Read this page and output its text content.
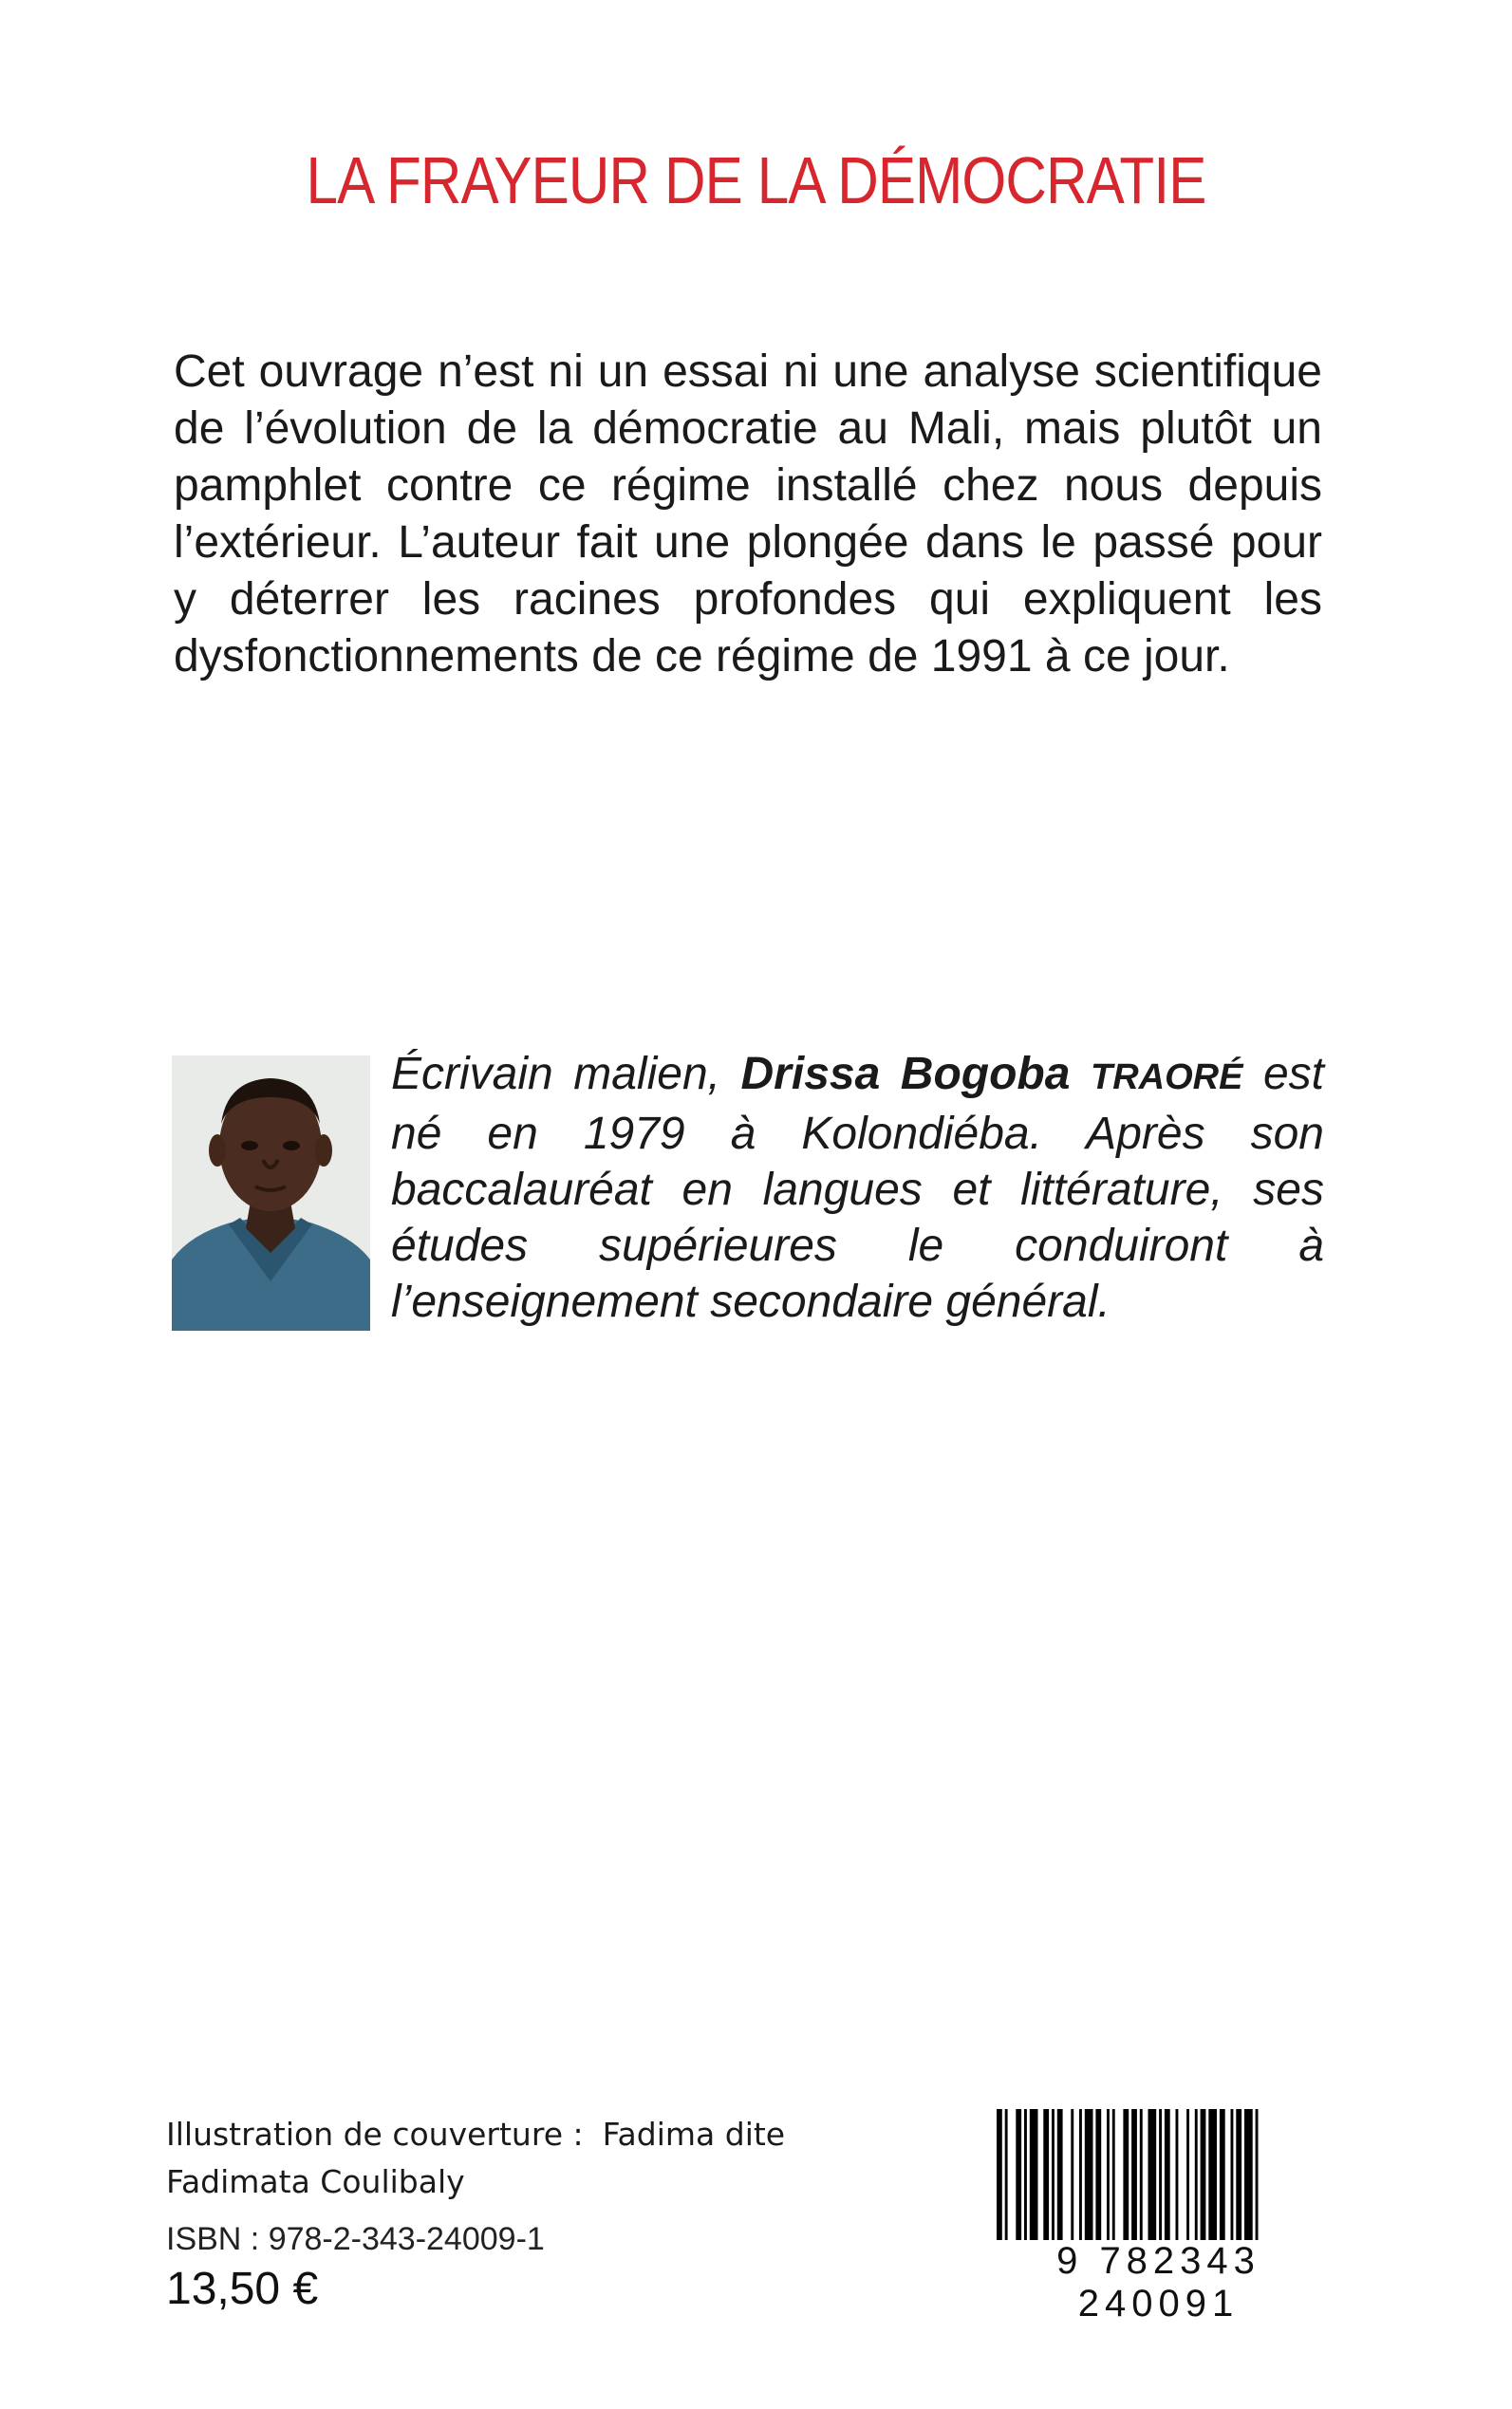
LA FRAYEUR DE LA DÉMOCRATIE
Cet ouvrage n’est ni un essai ni une analyse scientifique de l’évolution de la démocratie au Mali, mais plutôt un pamphlet contre ce régime installé chez nous depuis l’extérieur. L’auteur fait une plongée dans le passé pour y déterrer les racines profondes qui expliquent les dysfonctionnements de ce régime de 1991 à ce jour.
Écrivain malien, Drissa Bogoba TRAORÉ est né en 1979 à Kolondiéba. Après son baccalauréat en langues et littérature, ses études supérieures le conduiront à l’enseignement secondaire général.
Illustration de couverture : Fadima dite Fadimata Coulibaly
ISBN : 978-2-343-24009-1
13,50 €
9 782343 240091
